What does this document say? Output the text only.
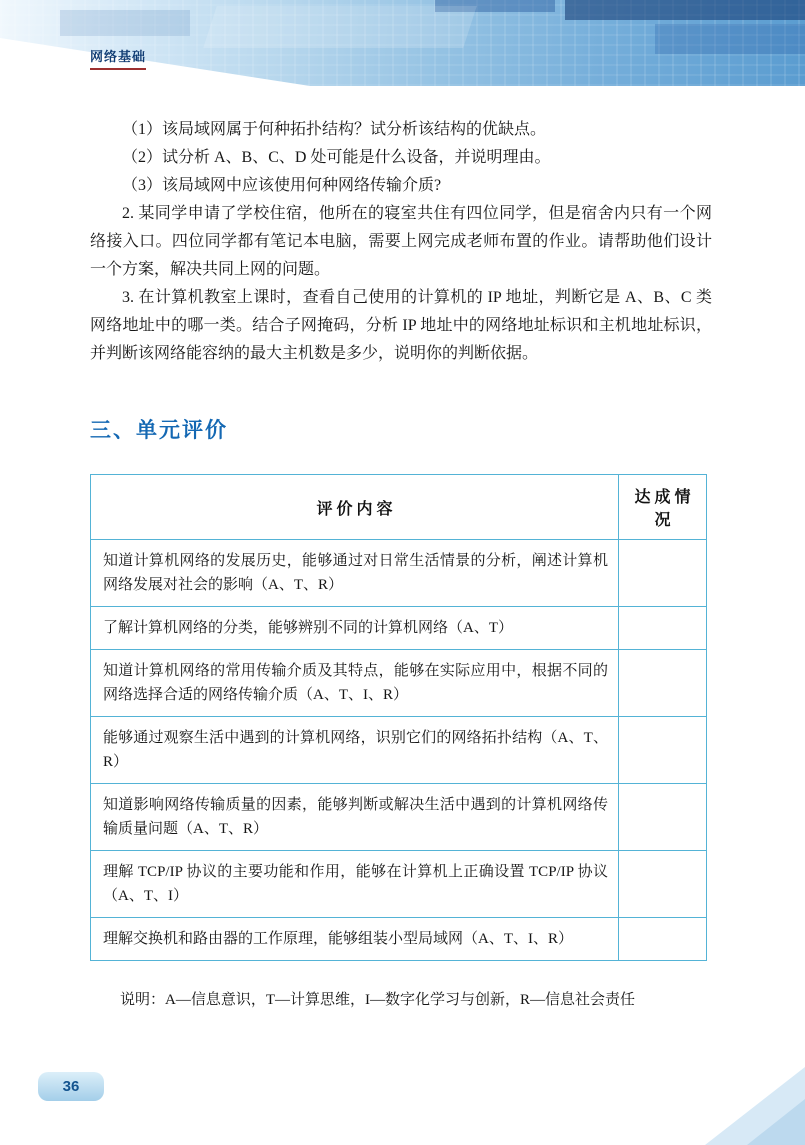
网络基础

（1）该局域网属于何种拓扑结构？试分析该结构的优缺点。

（2）试分析 A、B、C、D 处可能是什么设备，并说明理由。

（3）该局域网中应该使用何种网络传输介质?

2. 某同学申请了学校住宿，他所在的寝室共住有四位同学，但是宿舍内只有一个网络接入口。四位同学都有笔记本电脑，需要上网完成老师布置的作业。请帮助他们设计一个方案，解决共同上网的问题。

3. 在计算机教室上课时，查看自己使用的计算机的 IP 地址，判断它是 A、B、C 类网络地址中的哪一类。结合子网掩码，分析 IP 地址中的网络地址标识和主机地址标识，并判断该网络能容纳的最大主机数是多少，说明你的判断依据。

三、单元评价
评 价 内 容	达 成 情 况
知道计算机网络的发展历史，能够通过对日常生活情景的分析，阐述计算机网络发展对社会的影响（A、T、R）	
了解计算机网络的分类，能够辨别不同的计算机网络（A、T）	
知道计算机网络的常用传输介质及其特点，能够在实际应用中，根据不同的网络选择合适的网络传输介质（A、T、I、R）	
能够通过观察生活中遇到的计算机网络，识别它们的网络拓扑结构（A、T、R）	
知道影响网络传输质量的因素，能够判断或解决生活中遇到的计算机网络传输质量问题（A、T、R）	
理解 TCP/IP 协议的主要功能和作用，能够在计算机上正确设置 TCP/IP 协议（A、T、I）	
理解交换机和路由器的工作原理，能够组装小型局域网（A、T、I、R）	

说明：A—信息意识，T—计算思维，I—数字化学习与创新，R—信息社会责任

36
